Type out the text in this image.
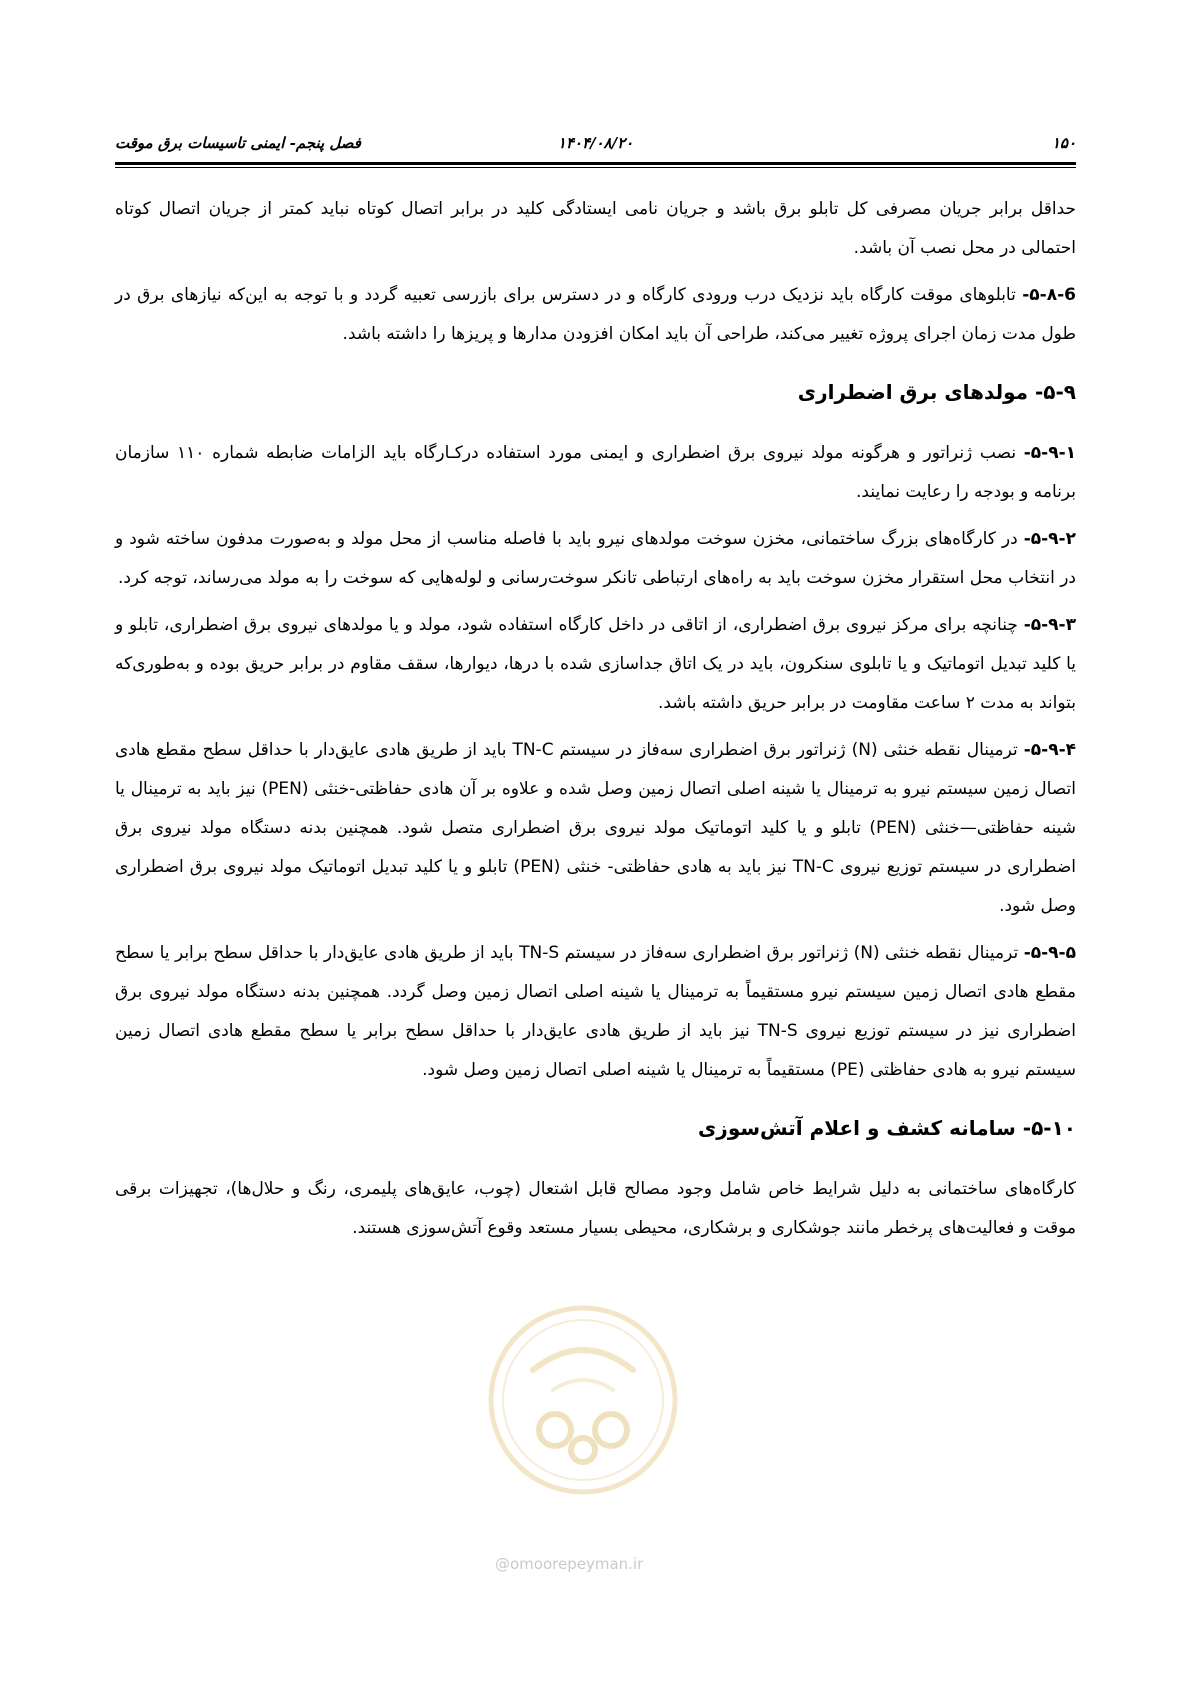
۱۵۰
۱۴۰۴/۰۸/۲۰
فصل پنجم- ایمنی تاسیسات برق موقت

حداقل برابر جریان مصرفی کل تابلو برق باشد و جریان نامی ایستادگی کلید در برابر اتصال کوتاه نباید کمتر از جریان اتصال کوتاه احتمالی در محل نصب آن باشد.

۵-۸-6- تابلوهای موقت کارگاه باید نزدیک درب ورودی کارگاه و در دسترس برای بازرسی تعبیه گردد و با توجه به این‌که نیازهای برق در طول مدت زمان اجرای پروژه تغییر می‌کند، طراحی آن باید امکان افزودن مدارها و پریزها را داشته باشد.

۵-۹- مولدهای برق اضطراری

۵-۹-۱- نصب ژنراتور و هرگونه مولد نیروی برق اضطراری و ایمنی مورد استفاده درکـارگاه باید الزامات ضابطه شماره ۱۱۰ سازمان برنامه و بودجه را رعایت نمایند.

۵-۹-۲- در کارگاه‌های بزرگ ساختمانی، مخزن سوخت مولدهای نیرو باید با فاصله مناسب از محل مولد و به‌صورت مدفون ساخته شود و در انتخاب محل استقرار مخزن سوخت باید به راه‌های ارتباطی تانکر سوخت‌رسانی و لوله‌هایی که سوخت را به مولد می‌رساند، توجه کرد.

۵-۹-۳- چنانچه برای مرکز نیروی برق اضطراری، از اتاقی در داخل کارگاه استفاده شود، مولد و یا مولدهای نیروی برق اضطراری، تابلو و یا کلید تبدیل اتوماتیک و یا تابلوی سنکرون، باید در یک اتاق جداسازی شده با درها، دیوارها، سقف مقاوم در برابر حریق بوده و به‌طوری‌که بتواند به مدت ۲ ساعت مقاومت در برابر حریق داشته باشد.

۵-۹-۴- ترمینال نقطه خنثی (N) ژنراتور برق اضطراری سه‌فاز در سیستم TN-C باید از طریق هادی عایق‌دار با حداقل سطح مقطع هادی اتصال زمین سیستم نیرو به ترمینال یا شینه اصلی اتصال زمین وصل شده و علاوه بر آن هادی حفاظتی-خنثی (PEN) نیز باید به ترمینال یا شینه حفاظتی—خنثی (PEN) تابلو و یا کلید اتوماتیک مولد نیروی برق اضطراری متصل شود. همچنین بدنه دستگاه مولد نیروی برق اضطراری در سیستم توزیع نیروی TN-C نیز باید به هادی حفاظتی- خنثی (PEN) تابلو و یا کلید تبدیل اتوماتیک مولد نیروی برق اضطراری وصل شود.

۵-۹-۵- ترمینال نقطه خنثی (N) ژنراتور برق اضطراری سه‌فاز در سیستم TN-S باید از طریق هادی عایق‌دار با حداقل سطح برابر یا سطح مقطع هادی اتصال زمین سیستم نیرو مستقیماً به ترمینال یا شینه اصلی اتصال زمین وصل گردد. همچنین بدنه دستگاه مولد نیروی برق اضطراری نیز در سیستم توزیع نیروی TN-S نیز باید از طریق هادی عایق‌دار با حداقل سطح برابر یا سطح مقطع هادی اتصال زمین سیستم نیرو به هادی حفاظتی (PE) مستقیماً به ترمینال یا شینه اصلی اتصال زمین وصل شود.

۵-۱۰- سامانه کشف و اعلام آتش‌سوزی

کارگاه‌های ساختمانی به دلیل شرایط خاص شامل وجود مصالح قابل اشتعال (چوب، عایق‌های پلیمری، رنگ و حلال‌ها)، تجهیزات برقی موقت و فعالیت‌های پرخطر مانند جوشکاری و برشکاری، محیطی بسیار مستعد وقوع آتش‌سوزی هستند.

@omoorepeyman.ir
